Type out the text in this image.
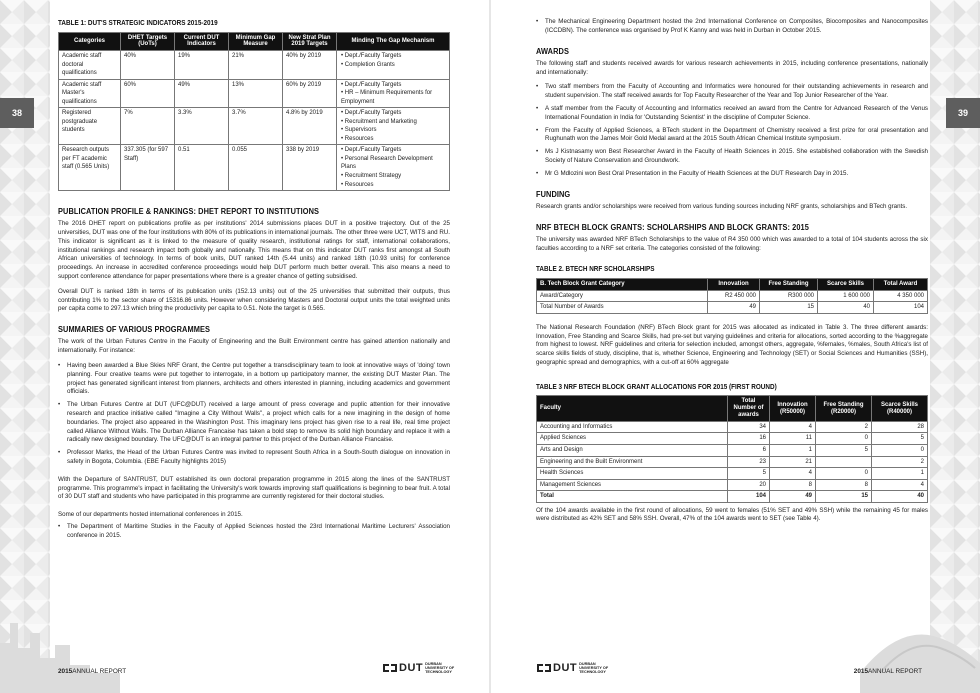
38	39
TABLE 1: DUT'S STRATEGIC INDICATORS 2015-2019
Categories	DHET Targets (UoTs)	Current DUT Indicators	Minimum Gap Measure	New Strat Plan 2019 Targets	Minding The Gap Mechanism
Academic staff doctoral qualifications	40%	19%	21%	40% by 2019	• Dept./Faculty Targets
• Completion Grants

Academic staff Master's qualifications	60%	49%	13%	60% by 2019	• Dept./Faculty Targets
• HR – Minimum Requirements for Employment

Registered postgraduate students	7%	3.3%	3.7%	4.8% by 2019	• Dept./Faculty Targets
• Recruitment and Marketing
• Supervisors
• Resources

Research outputs per FT academic staff (0.565 Units)	337.305 (for 597 Staff)	0.51	0.055	338 by 2019	• Dept./Faculty Targets
• Personal Research Development Plans
• Recruitment Strategy
• Resources
PUBLICATION PROFILE & RANKINGS: DHET REPORT TO INSTITUTIONS

The 2016 DHET report on publications profile as per institutions' 2014 submissions places DUT in a positive trajectory. Out of the 25 universities, DUT was one of the four institutions with 80% of its publications in international journals. The other three were UCT, WITS and RU. This indicator is significant as it is linked to the measure of quality research, institutional ratings for staff, international collaborations, institutional rankings and research impact both globally and nationally. This means that on this indicator DUT ranks first amongst all South African universities of technology. In terms of book units, DUT ranked 14th (5.44 units) and ranked 18th (10.93 units) for conference proceedings. An increase in accredited conference proceedings would help DUT perform much better overall. This also means a need to support conference attendance for paper presentations where there is a greater chance of getting subsidised.

Overall DUT is ranked 18th in terms of its publication units (152.13 units) out of the 25 universities that submitted their outputs, thus contributing 1% to the sector share of 15316.86 units. However when considering Masters and Doctoral output units the total weighted units per capita come to 297.13 which bring the productivity per capita to 0.51. Note the target is 0.565.

SUMMARIES OF VARIOUS PROGRAMMES

The work of the Urban Futures Centre in the Faculty of Engineering and the Built Environment centre has gained attention nationally and internationally. For instance:

• Having been awarded a Blue Skies NRF Grant, the Centre put together a transdisciplinary team to look at innovative ways of 'doing' town planning. Four creative teams were put together to interrogate, in a bottom up participatory manner, the existing DUT Master Plan. The project has generated significant interest from planners, architects and others interested in planning, including academics and government officials.
• The Urban Futures Centre at DUT (UFC@DUT) received a large amount of press coverage and puplic attention for their innovative research and practice initiative called "Imagine a City Without Walls", a project which calls for a new imagining in the design of home boundaries. The project also appeared in the Washington Post. This imaginary lens project has given rise to a real life, real time project called Alliance Without Walls. The Durban Alliance Francaise has taken a bold step to remove its solid high boundary and replace it with a radically new designed boundary. The UFC@DUT is an integral partner to this project of the Durban Alliance Francaise.
• Professor Marks, the Head of the Urban Futures Centre was invited to represent South Africa in a South-South dialogue on innovation in safety in Bogota, Columbia. (EBE Faculty highlights 2015)

With the Departure of SANTRUST, DUT established its own doctoral preparation programme in 2015 along the lines of the SANTRUST programme. This programme's impact in facilitating the University's work towards improving staff qualifications is beginning to bear fruit. A total of 30 DUT staff and students who have participated in this programme are currently registered for their doctoral studies.

Some of our departments hosted international conferences in 2015.

• The Department of Maritime Studies in the Faculty of Applied Sciences hosted the 23rd International Maritime Lecturers' Association conference in 2015.
• The Mechanical Engineering Department hosted the 2nd International Conference on Composites, Biocomposites and Nanocomposites (ICCDBN). The conference was organised by Prof K Kanny and was held in Durban in October 2015.
AWARDS

The following staff and students received awards for various research achievements in 2015, including conference presentations, nationally and internationally:

• Two staff members from the Faculty of Accounting and Informatics were honoured for their outstanding achievements in research and student supervision. The staff received awards for Top Faculty Researcher of the Year and Top Junior Researcher of the Year.
• A staff member from the Faculty of Accounting and Informatics received an award from the Centre for Advanced Research of the Venus International Foundation in India for 'Outstanding Scientist' in the discipline of Computer Science.
• From the Faculty of Applied Sciences, a BTech student in the Department of Chemistry received a first prize for oral presentation and Rughunath won the James Moir Gold Medal award at the 2015 South African Chemical Institute symposium.
• Ms J Kistnasamy won Best Researcher Award in the Faculty of Health Sciences in 2015. She established collaboration with the Swedish Society of Nature Conservation and Groundwork.
• Mr G Mdlozini won Best Oral Presentation in the Faculty of Health Sciences at the DUT Research Day in 2015.
FUNDING

Research grants and/or scholarships were received from various funding sources including NRF grants, scholarships and BTech grants.

NRF BTECH BLOCK GRANTS: SCHOLARSHIPS AND BLOCK GRANTS: 2015

The university was awarded NRF BTech Scholarships to the value of R4 350 000 which was awarded to a total of 104 students across the six faculties according to a NRF set criteria. The categories consisted of the following:

TABLE 2. BTECH NRF SCHOLARSHIPS
B. Tech Block Grant Category	Innovation	Free Standing	Scarce Skills	Total Award
Award/Category	R2 450 000	R300 000	1 600 000	4 350 000
Total Number of Awards	49	15	40	104

The National Research Foundation (NRF) BTech Block grant for 2015 was allocated as indicated in Table 3. The three different awards: Innovation, Free Standing and Scarce Skills, had pre-set but varying guidelines and criteria for allocations, sorted according to the %aggregate from highest to lowest. NRF guidelines and criteria for selection included, amongst others, aggregate, %females, %males, South Africa's list of scarce skills fields of study, discipline, that is, whether Science, Engineering and Technology (SET) or Social Sciences and Humanities (SSH), geographic spread and demographics, with a cut-off at 60% aggregate

TABLE 3 NRF BTECH BLOCK GRANT ALLOCATIONS FOR 2015 (FIRST ROUND)
Faculty	Total Number of awards	Innovation (R50000)	Free Standing (R20000)	Scarce Skills (R40000)
Accounting and Informatics	34	4	2	28
Applied Sciences	16	11	0	5
Arts and Design	6	1	5	0
Engineering and the Built Environment	23	21		2
Health Sciences	5	4	0	1
Management Sciences	20	8	8	4
Total	104	49	15	40

Of the 104 awards available in the first round of allocations, 59 went to females (51% SET and 49% SSH) while the remaining 45 for males were distributed as 42% SET and 58% SSH. Overall, 47% of the 104 awards went to SET (see Table 4).

2015ANNUAL REPORT	DUT DURBAN
UNIVERSITY OF
TECHNOLOGY	DUT DURBAN
UNIVERSITY OF
TECHNOLOGY	2015ANNUAL REPORT
